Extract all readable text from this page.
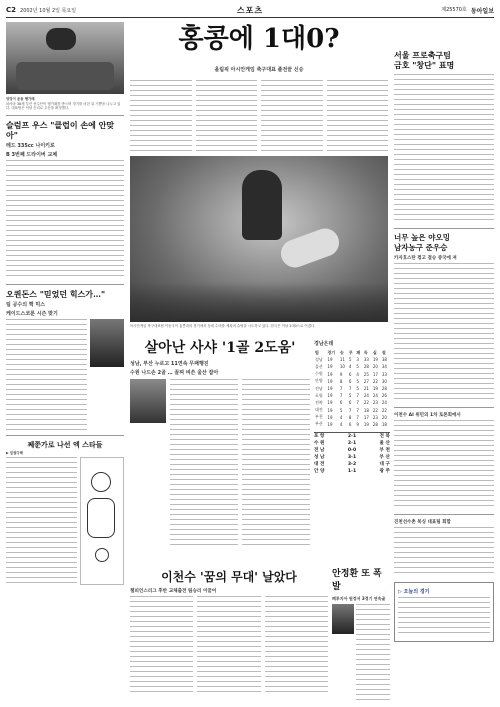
C2 2002년 10월 2일 목요일	스포츠	제25570호 동아일보
엉덩이 운동 헹가래
파샤마 38세 부산 선수단이 헹가래를 받으며 경기를 마친 뒤 기쁨을 나누고 있다. 대표팀은 이날 승리로 우승을 확정했다.
슬럼프 우스 "클럽이 손에 안맞아"
레드 335cc 나이키로
B 3번째 드라이버 교체
오퀀돈스 "믿었던 힉스가…"
팀 공수의 핵 믹스
케이드스코룬 시즌 맞기
쩨쭌가로 나선 엑 스타들
▶ 일권다해
홍콩에 1대0?
올림픽 아시안게임 축구대표 졸전끝 신승
서울 프로축구팀
금호 "창단" 표명
너무 높은 야오밍
남자농구 준우승
카자흐스탄 꺾고 결승 중국에 져
이천수 AI 위민의 1차 토론회에서
진천선수촌 복싱 대표팀 회합
▷ 오늘의 경기
아시안게임 축구대표팀 이동국이 홍콩과의 경기에서 상대 수비를 제치며 슈팅을 시도하고 있다. 한국은 이날 1대0으로 이겼다.
살아난 사샤 '1골 2도움'
성남, 부산 누르고 11연속 무패행진
수원 나드손 2골 … 꼴찌 비쓴 울산 잡아
경남은데
팀	경기	승	무	패	득	실	점
성남	19	11	5	3	33	19	38
울산	19	10	4	5	28	20	34
수원	19	9	6	4	25	17	33
안양	19	8	6	5	27	22	30
전남	19	7	7	5	21	19	28
포항	19	7	5	7	24	24	26
전북	19	6	6	7	22	23	24
대전	19	5	7	7	18	22	22
부천	19	4	8	7	17	23	20
부산	19	4	6	9	19	28	18
포 항	2-1	전 북
수 원	2-1	울 산
전 남	0-0	부 천
성 남	3-1	부 산
대 전	3-2	대 구
안 양	1-1	광 주
이천수 '꿈의 무대' 날았다
챔피언스리그 후반 교체출전 팀승리 이끌어
안정환 또 폭발
페루지아 원정서 3경기 연속골
